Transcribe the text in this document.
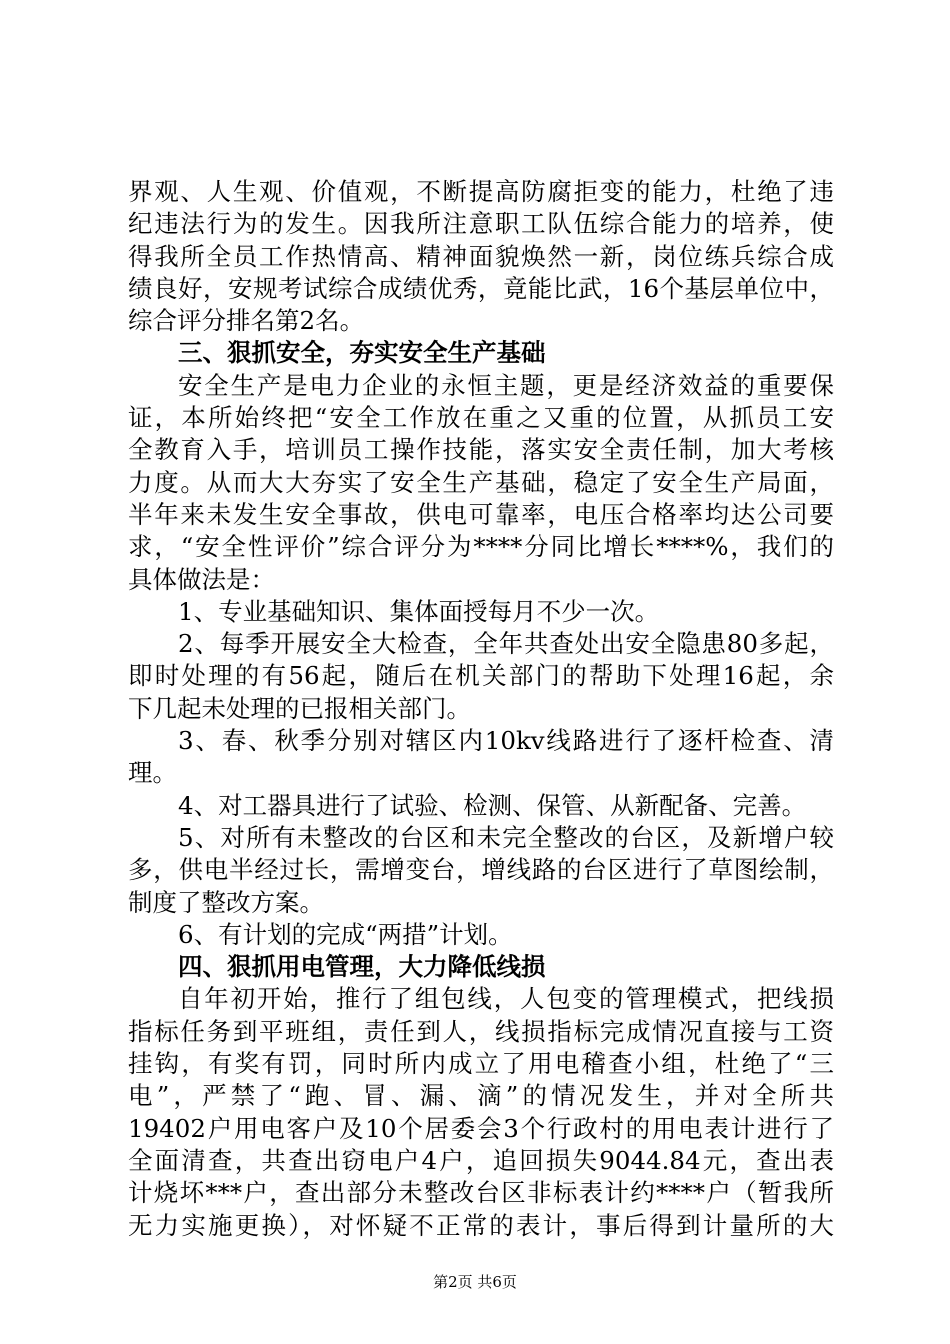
界观、人生观、价值观，不断提高防腐拒变的能力，杜绝了违
纪违法行为的发生。因我所注意职工队伍综合能力的培养，使
得我所全员工作热情高、精神面貌焕然一新，岗位练兵综合成
绩良好，安规考试综合成绩优秀，竟能比武，16个基层单位中，
综合评分排名第2名。
三、狠抓安全，夯实安全生产基础
安全生产是电力企业的永恒主题，更是经济效益的重要保
证，本所始终把“安全工作放在重之又重的位置，从抓员工安
全教育入手，培训员工操作技能，落实安全责任制，加大考核
力度。从而大大夯实了安全生产基础，稳定了安全生产局面，
半年来未发生安全事故，供电可靠率，电压合格率均达公司要
求，“安全性评价”综合评分为****分同比增长****%，我们的
具体做法是：
1、专业基础知识、集体面授每月不少一次。
2、每季开展安全大检查，全年共查处出安全隐患80多起，
即时处理的有56起，随后在机关部门的帮助下处理16起，余
下几起未处理的已报相关部门。
3、春、秋季分别对辖区内10kv线路进行了逐杆检查、清
理。
4、对工器具进行了试验、检测、保管、从新配备、完善。
5、对所有未整改的台区和未完全整改的台区，及新增户较
多，供电半经过长，需增变台，增线路的台区进行了草图绘制，
制度了整改方案。
6、有计划的完成“两措”计划。
四、狠抓用电管理，大力降低线损
自年初开始，推行了组包线，人包变的管理模式，把线损
指标任务到平班组，责任到人，线损指标完成情况直接与工资
挂钩，有奖有罚，同时所内成立了用电稽查小组，杜绝了“三
电”，严禁了“跑、冒、漏、滴”的情况发生，并对全所共
19402户用电客户及10个居委会3个行政村的用电表计进行了
全面清查，共查出窃电户4户，追回损失9044.84元，查出表
计烧坏***户，查出部分未整改台区非标表计约****户（暂我所
无力实施更换），对怀疑不正常的表计，事后得到计量所的大
第2页 共6页
